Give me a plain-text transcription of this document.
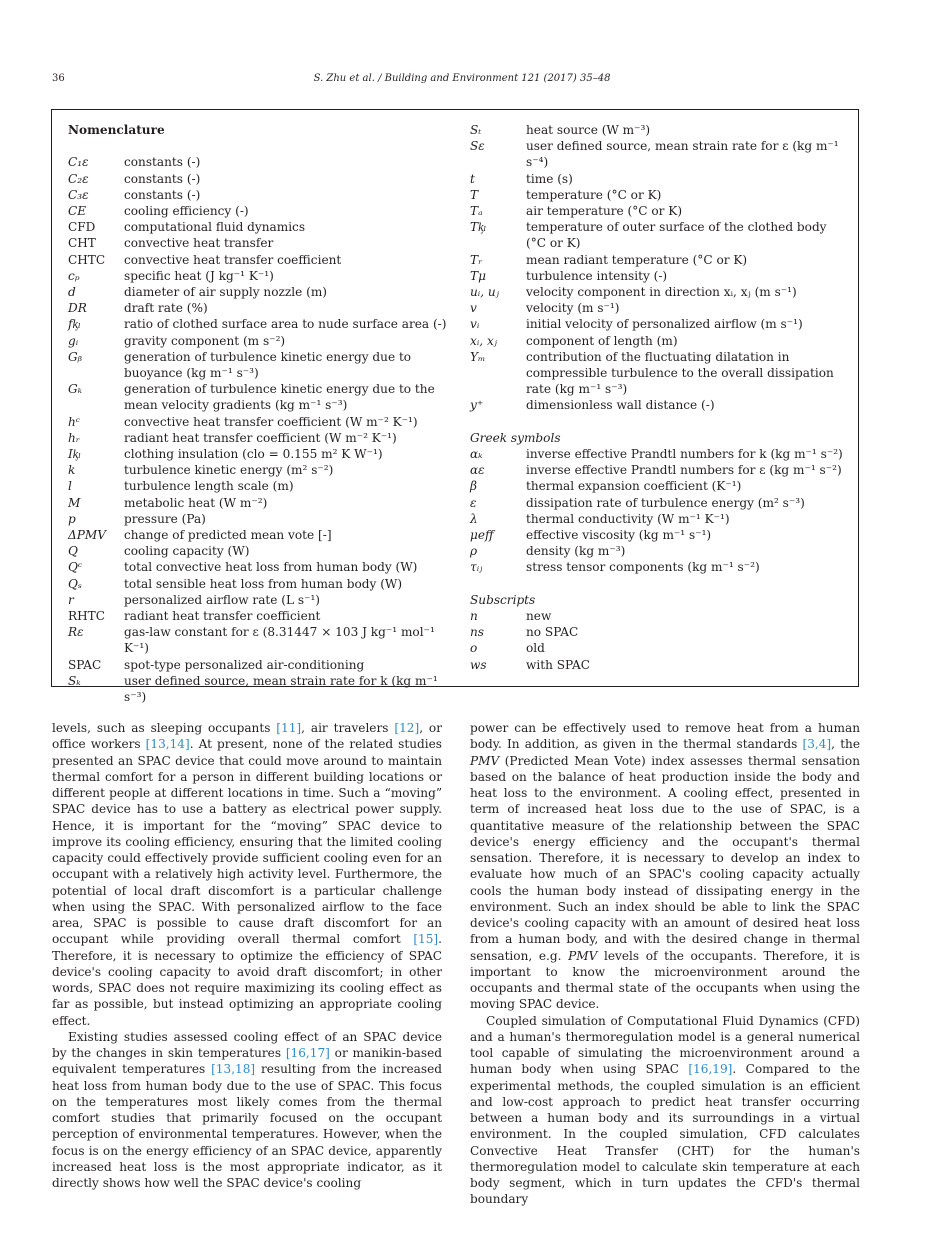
36	S. Zhu et al. / Building and Environment 121 (2017) 35–48
Nomenclature
C₁ε	constants (-)
C₂ε	constants (-)
C₃ε	constants (-)
CE	cooling efficiency (-)
CFD	computational fluid dynamics
CHT	convective heat transfer
CHTC	convective heat transfer coefficient
cₚ	specific heat (J kg⁻¹ K⁻¹)
d	diameter of air supply nozzle (m)
DR	draft rate (%)
fᶄₗ	ratio of clothed surface area to nude surface area (-)
gᵢ	gravity component (m s⁻²)
Gᵦ	generation of turbulence kinetic energy due to buoyance (kg m⁻¹ s⁻³)
Gₖ	generation of turbulence kinetic energy due to the mean velocity gradients (kg m⁻¹ s⁻³)
hᶜ	convective heat transfer coefficient (W m⁻² K⁻¹)
hᵣ	radiant heat transfer coefficient (W m⁻² K⁻¹)
Iᶄₗ	clothing insulation (clo = 0.155 m² K W⁻¹)
k	turbulence kinetic energy (m² s⁻²)
l	turbulence length scale (m)
M	metabolic heat (W m⁻²)
p	pressure (Pa)
ΔPMV	change of predicted mean vote [-]
Q	cooling capacity (W)
Qᶜ	total convective heat loss from human body (W)
Qₛ	total sensible heat loss from human body (W)
r	personalized airflow rate (L s⁻¹)
RHTC	radiant heat transfer coefficient
Rε	gas-law constant for ε (8.31447 × 103 J kg⁻¹ mol⁻¹ K⁻¹)
SPAC	spot-type personalized air-conditioning
Sₖ	user defined source, mean strain rate for k (kg m⁻¹ s⁻³)
Sₜ	heat source (W m⁻³)
Sε	user defined source, mean strain rate for ε (kg m⁻¹ s⁻⁴)
t	time (s)
T	temperature (°C or K)
Tₐ	air temperature (°C or K)
Tᶄₗ	temperature of outer surface of the clothed body (°C or K)
Tᵣ	mean radiant temperature (°C or K)
Tμ	turbulence intensity (-)
uᵢ, uⱼ	velocity component in direction xᵢ, xⱼ (m s⁻¹)
v	velocity (m s⁻¹)
vᵢ	initial velocity of personalized airflow (m s⁻¹)
xᵢ, xⱼ	component of length (m)
Yₘ	contribution of the fluctuating dilatation in compressible turbulence to the overall dissipation rate (kg m⁻¹ s⁻³)
y⁺	dimensionless wall distance (-)
Greek symbols
αₖ	inverse effective Prandtl numbers for k (kg m⁻¹ s⁻²)
αε	inverse effective Prandtl numbers for ε (kg m⁻¹ s⁻²)
β	thermal expansion coefficient (K⁻¹)
ε	dissipation rate of turbulence energy (m² s⁻³)
λ	thermal conductivity (W m⁻¹ K⁻¹)
μeff	effective viscosity (kg m⁻¹ s⁻¹)
ρ	density (kg m⁻³)
τᵢⱼ	stress tensor components (kg m⁻¹ s⁻²)
Subscripts
n	new
ns	no SPAC
o	old
ws	with SPAC

levels, such as sleeping occupants [11], air travelers [12], or office workers [13,14]. At present, none of the related studies presented an SPAC device that could move around to maintain thermal comfort for a person in different building locations or different people at different locations in time. Such a “moving” SPAC device has to use a battery as electrical power supply. Hence, it is important for the “moving” SPAC device to improve its cooling efficiency, ensuring that the limited cooling capacity could effectively provide sufficient cooling even for an occupant with a relatively high activity level. Furthermore, the potential of local draft discomfort is a particular challenge when using the SPAC. With personalized airflow to the face area, SPAC is possible to cause draft discomfort for an occupant while providing overall thermal comfort [15]. Therefore, it is necessary to optimize the efficiency of SPAC device's cooling capacity to avoid draft discomfort; in other words, SPAC does not require maximizing its cooling effect as far as possible, but instead optimizing an appropriate cooling effect.

Existing studies assessed cooling effect of an SPAC device by the changes in skin temperatures [16,17] or manikin-based equivalent temperatures [13,18] resulting from the increased heat loss from human body due to the use of SPAC. This focus on the temperatures most likely comes from the thermal comfort studies that primarily focused on the occupant perception of environmental temperatures. However, when the focus is on the energy efficiency of an SPAC device, apparently increased heat loss is the most appropriate indicator, as it directly shows how well the SPAC device's cooling

power can be effectively used to remove heat from a human body. In addition, as given in the thermal standards [3,4], the PMV (Predicted Mean Vote) index assesses thermal sensation based on the balance of heat production inside the body and heat loss to the environment. A cooling effect, presented in term of increased heat loss due to the use of SPAC, is a quantitative measure of the relationship between the SPAC device's energy efficiency and the occupant's thermal sensation. Therefore, it is necessary to develop an index to evaluate how much of an SPAC's cooling capacity actually cools the human body instead of dissipating energy in the environment. Such an index should be able to link the SPAC device's cooling capacity with an amount of desired heat loss from a human body, and with the desired change in thermal sensation, e.g. PMV levels of the occupants. Therefore, it is important to know the microenvironment around the occupants and thermal state of the occupants when using the moving SPAC device.

Coupled simulation of Computational Fluid Dynamics (CFD) and a human's thermoregulation model is a general numerical tool capable of simulating the microenvironment around a human body when using SPAC [16,19]. Compared to the experimental methods, the coupled simulation is an efficient and low-cost approach to predict heat transfer occurring between a human body and its surroundings in a virtual environment. In the coupled simulation, CFD calculates Convective Heat Transfer (CHT) for the human's thermoregulation model to calculate skin temperature at each body segment, which in turn updates the CFD's thermal boundary
